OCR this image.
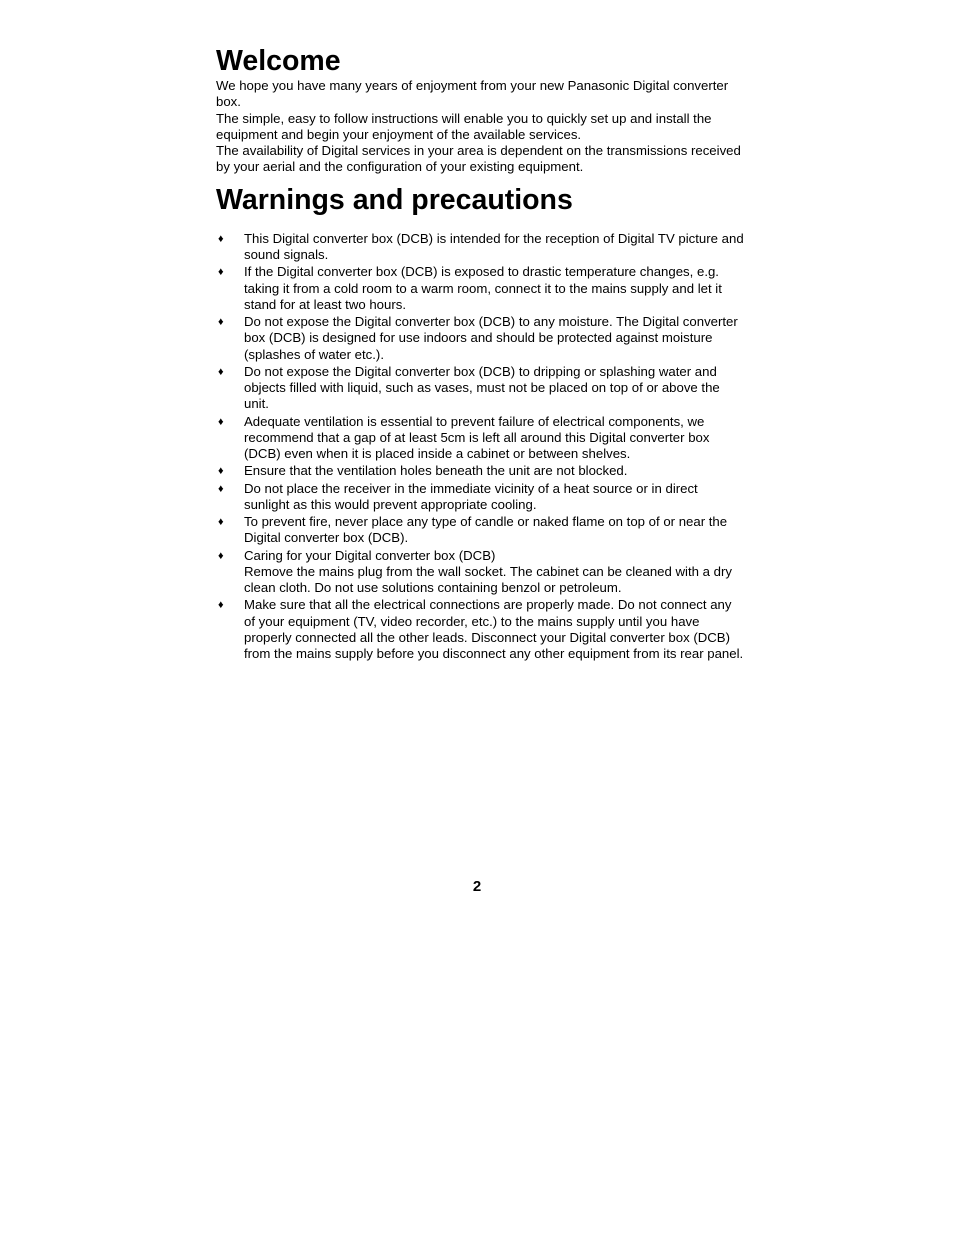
Welcome

We hope you have many years of enjoyment from your new Panasonic Digital converter box.

The simple, easy to follow instructions will enable you to quickly set up and install the equipment and begin your enjoyment of the available services.

The availability of Digital services in your area is dependent on the transmissions received by your aerial and the configuration of your existing equipment.

Warnings and precautions
♦ This Digital converter box (DCB) is intended for the reception of Digital TV picture and sound signals.
♦ If the Digital converter box (DCB) is exposed to drastic temperature changes, e.g. taking it from a cold room to a warm room, connect it to the mains supply and let it stand for at least two hours.
♦ Do not expose the Digital converter box (DCB) to any moisture. The Digital converter box (DCB) is designed for use indoors and should be protected against moisture (splashes of water etc.).
♦ Do not expose the Digital converter box (DCB) to dripping or splashing water and objects filled with liquid, such as vases, must not be placed on top of or above the unit.
♦ Adequate ventilation is essential to prevent failure of electrical components, we recommend that a gap of at least 5cm is left all around this Digital converter box (DCB) even when it is placed inside a cabinet or between shelves.
♦ Ensure that the ventilation holes beneath the unit are not blocked.
♦ Do not place the receiver in the immediate vicinity of a heat source or in direct sunlight as this would prevent appropriate cooling.
♦ To prevent fire, never place any type of candle or naked flame on top of or near the Digital converter box (DCB).
♦ Caring for your Digital converter box (DCB)
Remove the mains plug from the wall socket. The cabinet can be cleaned with a dry clean cloth. Do not use solutions containing benzol or petroleum.
♦ Make sure that all the electrical connections are properly made. Do not connect any of your equipment (TV, video recorder, etc.) to the mains supply until you have properly connected all the other leads. Disconnect your Digital converter box (DCB) from the mains supply before you disconnect any other equipment from its rear panel.
2
